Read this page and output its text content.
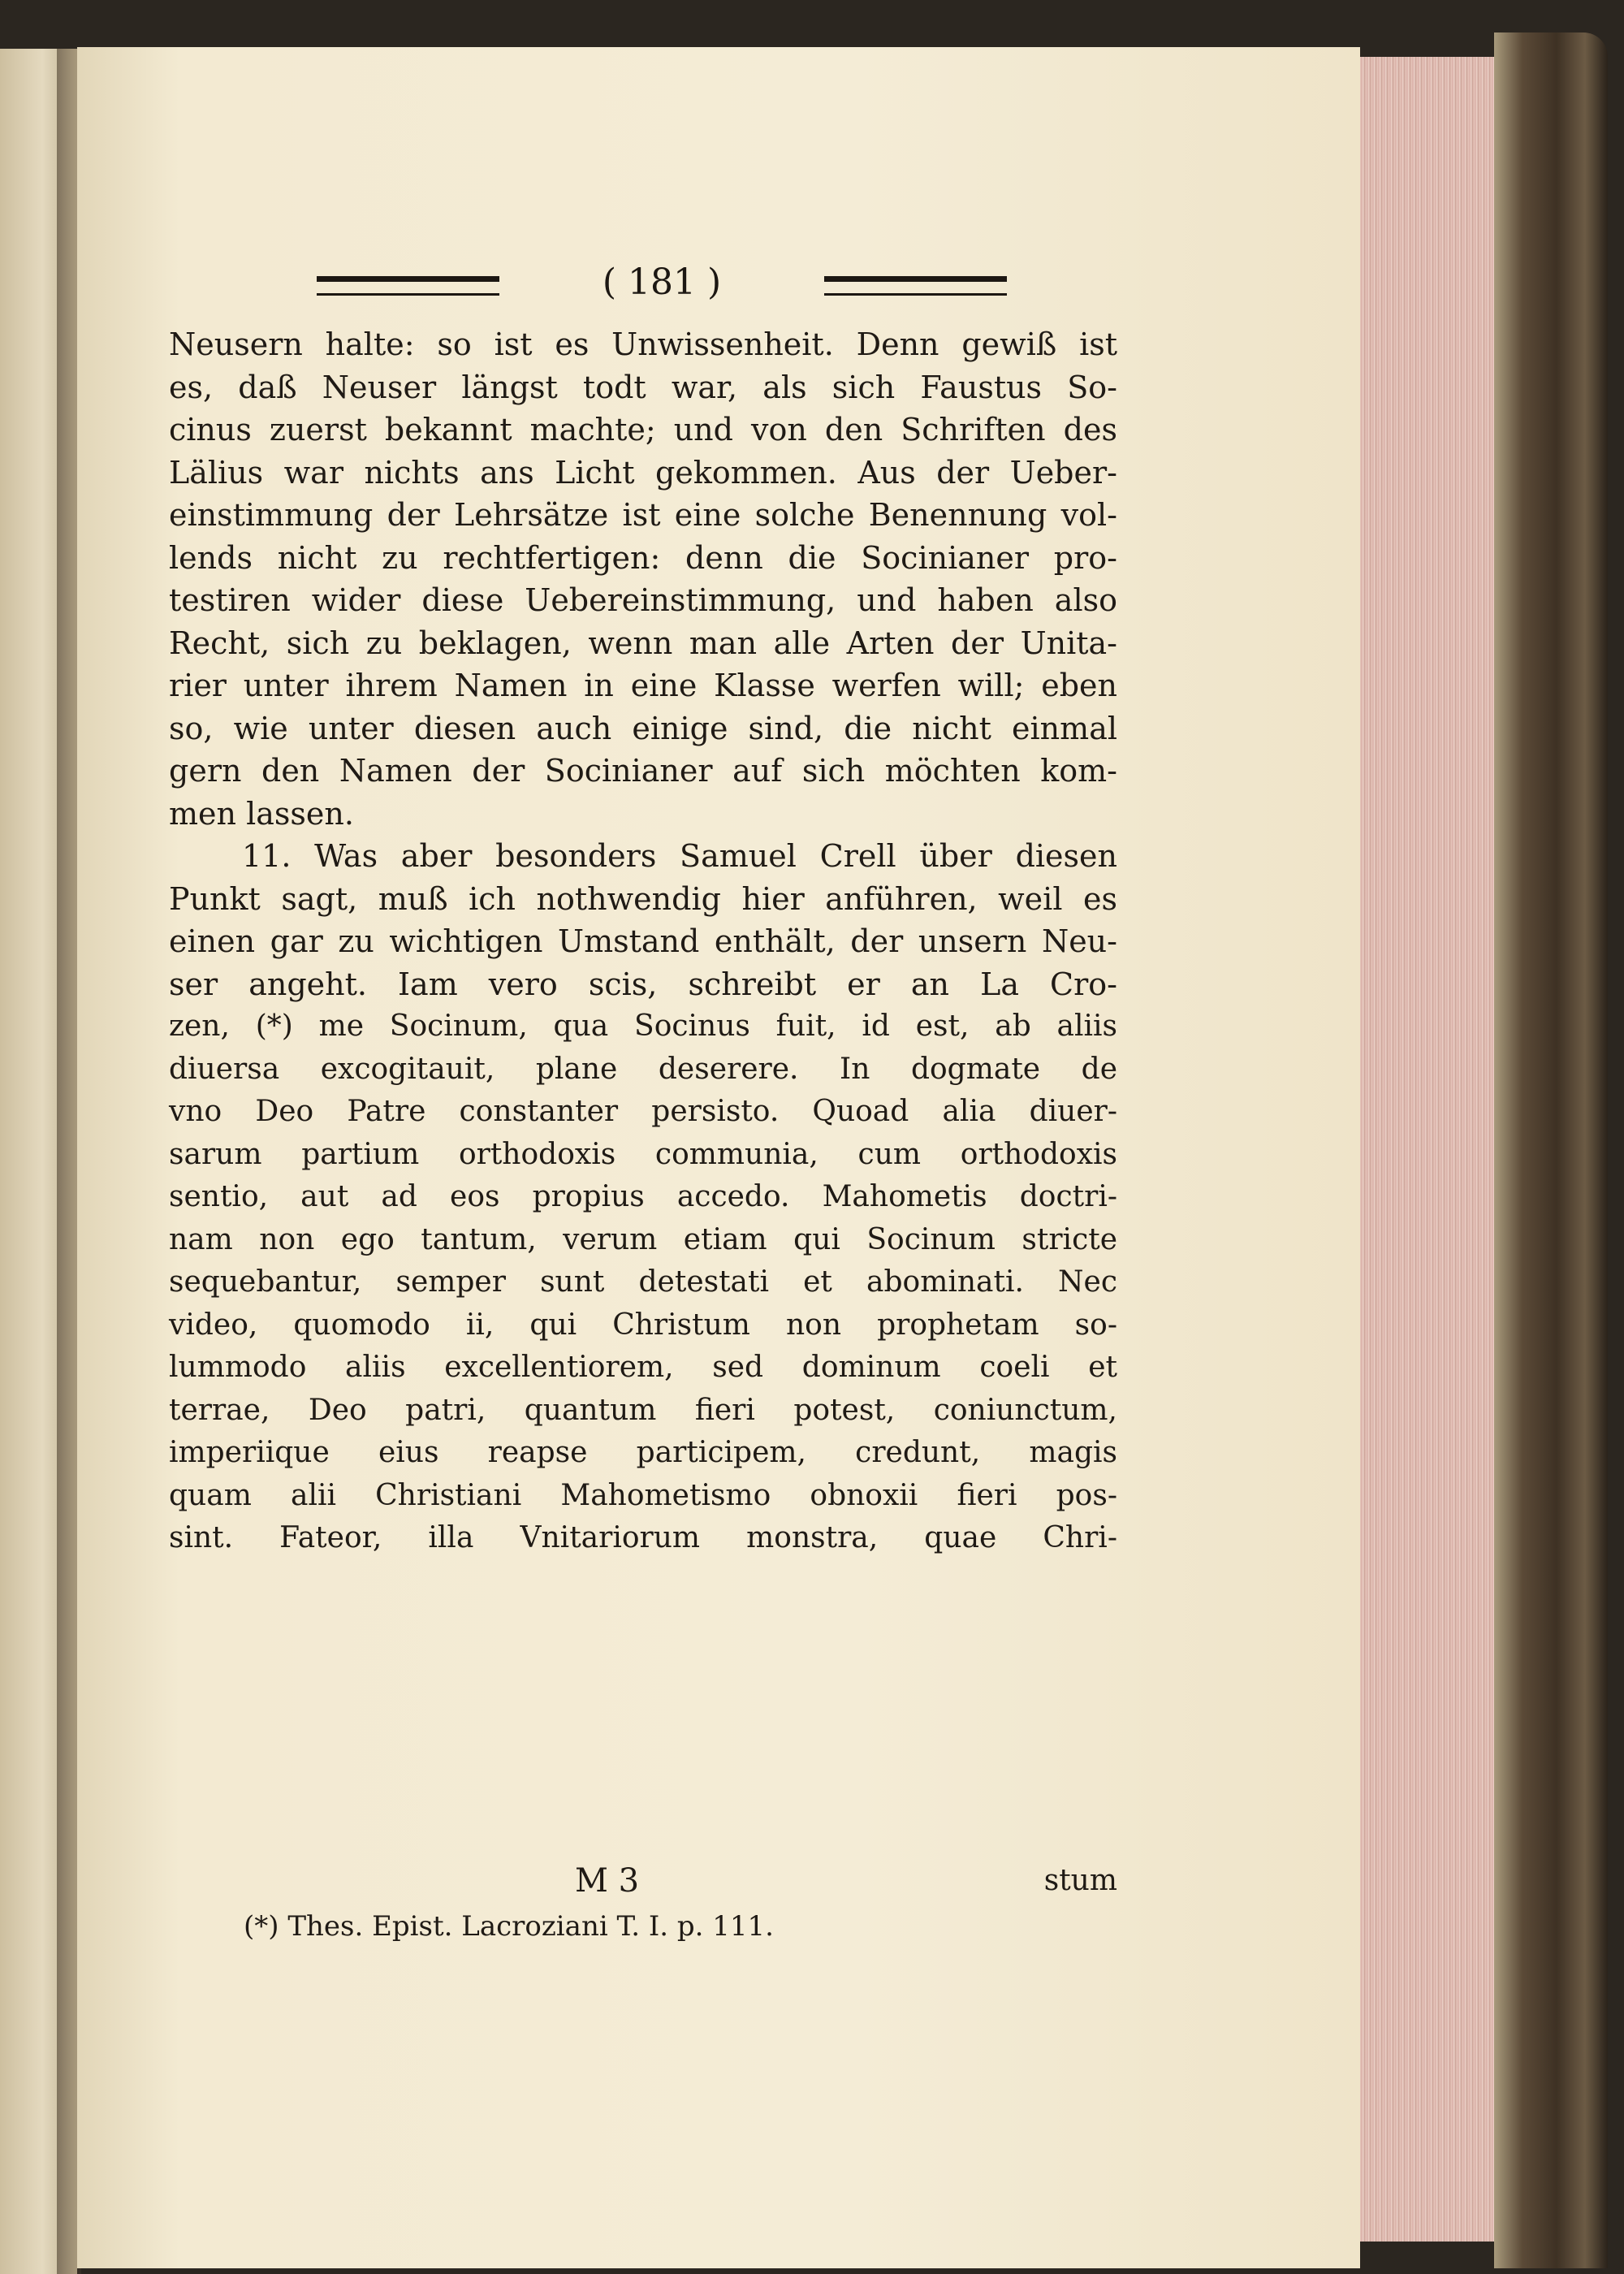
( 181 )
Neusern halte: so ist es Unwissenheit. Denn gewiß ist
es, daß Neuser längst todt war, als sich Faustus So-
cinus zuerst bekannt machte; und von den Schriften des
Lälius war nichts ans Licht gekommen. Aus der Ueber-
einstimmung der Lehrsätze ist eine solche Benennung vol-
lends nicht zu rechtfertigen: denn die Socinianer pro-
testiren wider diese Uebereinstimmung, und haben also
Recht, sich zu beklagen, wenn man alle Arten der Unita-
rier unter ihrem Namen in eine Klasse werfen will; eben
so, wie unter diesen auch einige sind, die nicht einmal
gern den Namen der Socinianer auf sich möchten kom-
men lassen.
11. Was aber besonders Samuel Crell über diesen
Punkt sagt, muß ich nothwendig hier anführen, weil es
einen gar zu wichtigen Umstand enthält, der unsern Neu-
ser angeht. Iam vero scis, schreibt er an La Cro-
zen, (*) me Socinum, qua Socinus fuit, id est, ab aliis
diuersa excogitauit, plane deserere. In dogmate de
vno Deo Patre constanter persisto. Quoad alia diuer-
sarum partium orthodoxis communia, cum orthodoxis
sentio, aut ad eos propius accedo. Mahometis doctri-
nam non ego tantum, verum etiam qui Socinum stricte
sequebantur, semper sunt detestati et abominati. Nec
video, quomodo ii, qui Christum non prophetam so-
lummodo aliis excellentiorem, sed dominum coeli et
terrae, Deo patri, quantum fieri potest, coniunctum,
imperiique eius reapse participem, credunt, magis
quam alii Christiani Mahometismo obnoxii fieri pos-
sint. Fateor, illa Vnitariorum monstra, quae Chri-
M 3	stum
(*) Thes. Epist. Lacroziani T. I. p. 111.
